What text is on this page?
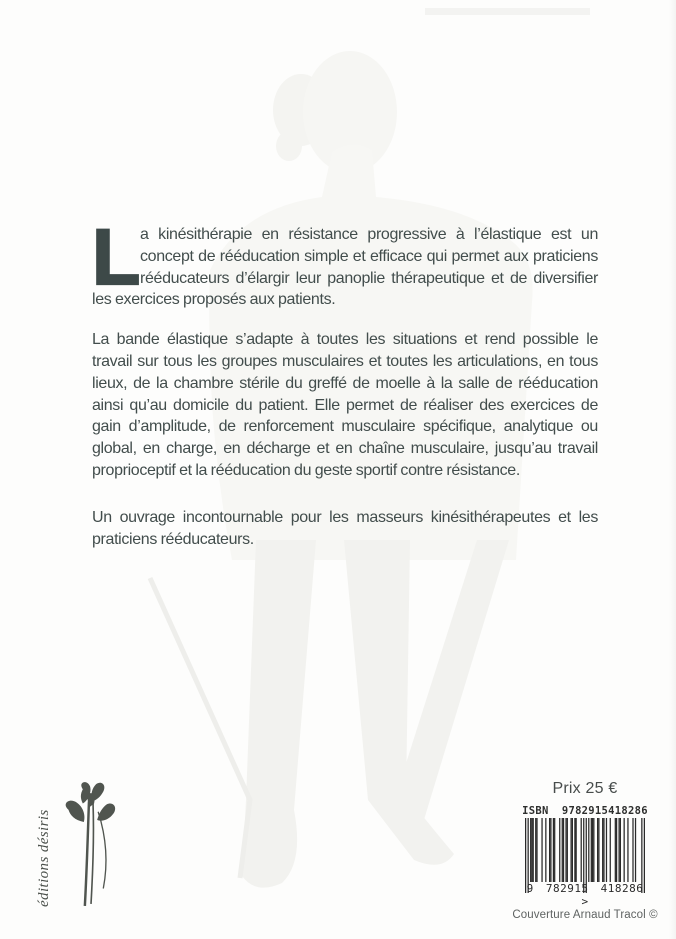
La kinésithérapie en résistance progressive à l’élastique est un concept de rééducation simple et efficace qui permet aux praticiens rééducateurs d’élargir leur panoplie thérapeutique et de diversifier les exercices proposés aux patients.

La bande élastique s’adapte à toutes les situations et rend possible le travail sur tous les groupes musculaires et toutes les articulations, en tous lieux, de la chambre stérile du greffé de moelle à la salle de rééducation ainsi qu’au domicile du patient. Elle permet de réaliser des exercices de gain d’amplitude, de renforcement musculaire spécifique, analytique ou global, en charge, en décharge et en chaîne musculaire, jusqu’au travail proprioceptif et la rééducation du geste sportif contre résistance.

Un ouvrage incontournable pour les masseurs kinésithérapeutes et les praticiens rééducateurs.

éditions désiris
Prix 25 €
ISBN  9782915418286
9 782915 418286 >
Couverture Arnaud Tracol ©
